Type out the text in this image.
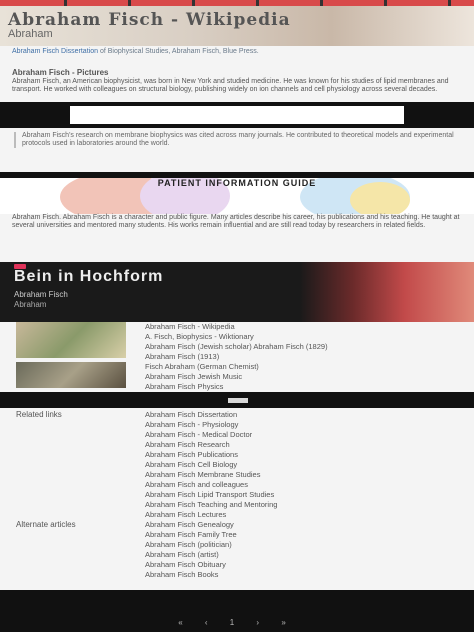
Abraham Fisch - Wikipedia
Abraham
Abraham Fisch Dissertation of Biophysical Studies, Abraham Fisch, Blue Press.
Abraham Fisch - Pictures
Abraham Fisch, an American biophysicist, was born in New York and studied medicine. He was known for his studies of lipid membranes and transport. He worked with colleagues on structural biology, publishing widely on ion channels and cell physiology across several decades.
Abraham Fisch's research on membrane biophysics was cited across many journals. He contributed to theoretical models and experimental protocols used in laboratories around the world.
PATIENT INFORMATION GUIDE
Abraham Fisch. Abraham Fisch is a character and public figure. Many articles describe his career, his publications and his teaching. He taught at several universities and mentored many students. His works remain influential and are still read today by researchers in related fields.
Bein in Hochform
Abraham Fisch
Abraham
Abraham Fisch - Wikipedia
A. Fisch, Biophysics - Wiktionary
Abraham Fisch (Jewish scholar) Abraham Fisch (1829)
Abraham Fisch (1913)
Fisch Abraham (German Chemist)
Abraham Fisch Jewish Music
Abraham Fisch Physics
Related links	Abraham Fisch Dissertation
Abraham Fisch - Physiology
Abraham Fisch - Medical Doctor
Abraham Fisch Research
Abraham Fisch Publications
Abraham Fisch Cell Biology
Abraham Fisch Membrane Studies
Abraham Fisch and colleagues
Abraham Fisch Lipid Transport Studies
Abraham Fisch Teaching and Mentoring
Abraham Fisch Lectures
Alternate articles	Abraham Fisch Genealogy
Abraham Fisch Family Tree
Abraham Fisch (politician)
Abraham Fisch (artist)
Abraham Fisch Obituary
Abraham Fisch Books
« ‹ 1 › »
